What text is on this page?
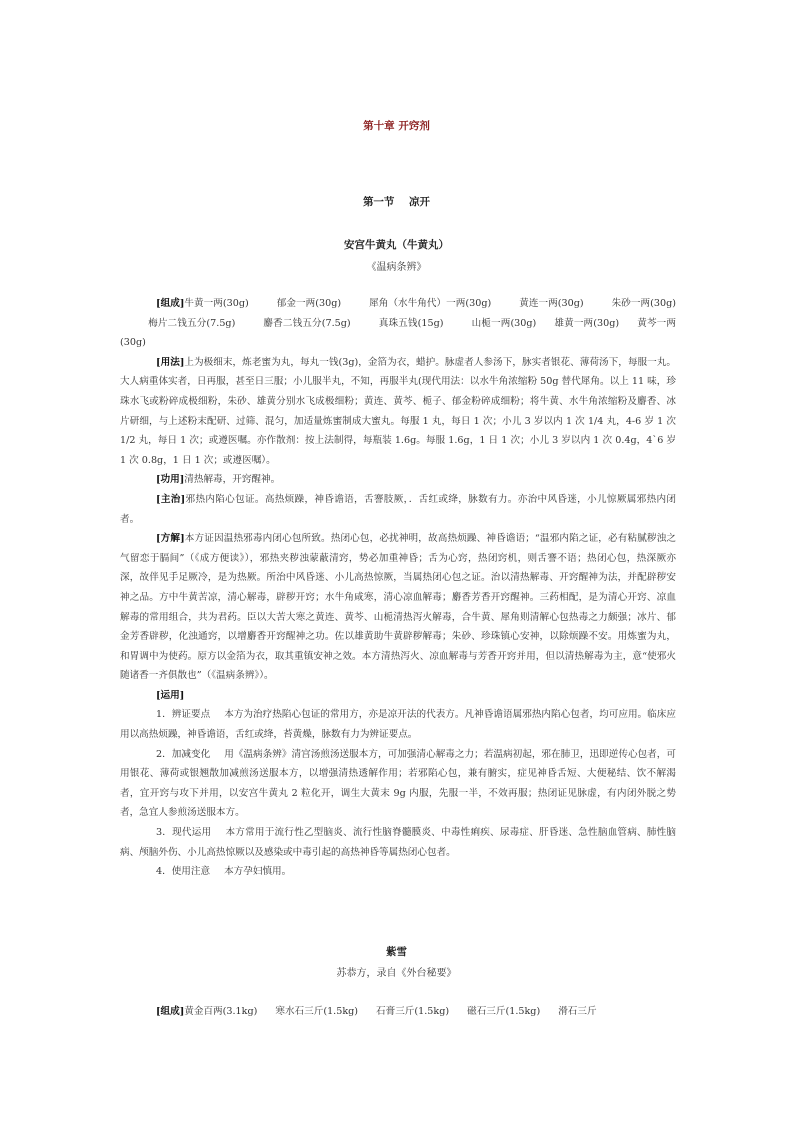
第十章 开窍剂
第一节    凉开
安宫牛黄丸（牛黄丸）
《温病条辨》

[组成]牛黄一两(30g)	郁金一两(30g)	犀角（水牛角代）一两(30g)	黄连一两(30g)	朱砂一两(30g)梅片二钱五分(7.5g)	麝香二钱五分(7.5g)	真珠五钱(15g)	山栀一两(30g) 雄黄一两(30g) 黄芩一两(30g)

[用法]上为极细末，炼老蜜为丸，每丸一钱(3g)，金箔为衣，蜡护。脉虚者人参汤下，脉实者银花、薄荷汤下，每服一丸。大人病重体实者，日再服，甚至日三服；小儿服半丸，不知，再服半丸(现代用法：以水牛角浓缩粉 50g 替代犀角。以上 11 味，珍珠水飞或粉碎成极细粉，朱砂、雄黄分别水飞成极细粉；黄连、黄芩、栀子、郁金粉碎成细粉；将牛黄、水牛角浓缩粉及麝香、冰片研细，与上述粉末配研、过筛、混匀，加适量炼蜜制成大蜜丸。每服 1 丸，每日 1 次；小儿 3 岁以内 1 次 1/4 丸，4-6 岁 1 次 1/2 丸，每日 1 次；或遵医嘱。亦作散剂：按上法制得，每瓶装 1.6g。每服 1.6g，1 日 1 次；小儿 3 岁以内 1 次 0.4g，4`6 岁 1 次 0.8g，1 日 1 次；或遵医嘱）。

[功用]清热解毒，开窍醒神。

[主治]邪热内陷心包证。高热烦躁，神昏谵语，舌謇肢厥，．舌红或绛，脉数有力。亦治中风昏迷，小儿惊厥属邪热内闭者。

[方解]本方证因温热邪毒内闭心包所致。热闭心包，必扰神明，故高热烦躁、神昏谵语；“温邪内陷之证，必有粘腻秽浊之气留恋于膈间”（《成方便读》），邪热夹秽浊蒙蔽清窍，势必加重神昏；舌为心窍，热闭窍机，则舌謇不语；热闭心包，热深厥亦深，故伴见手足厥冷，是为热厥。所治中风昏迷、小儿高热惊厥，当属热闭心包之证。治以清热解毒、开窍醒神为法，并配辟秽安神之品。方中牛黄苦凉，清心解毒，辟秽开窍；水牛角咸寒，清心凉血解毒；麝香芳香开窍醒神。三药相配，是为清心开窍、凉血解毒的常用组合，共为君药。臣以大苦大寒之黄连、黄芩、山栀清热泻火解毒，合牛黄、犀角则清解心包热毒之力颇强；冰片、郁金芳香辟秽，化浊通窍，以增麝香开窍醒神之功。佐以雄黄助牛黄辟秽解毒；朱砂、珍珠镇心安神，以除烦躁不安。用炼蜜为丸，和胃调中为使药。原方以金箔为衣，取其重镇安神之效。本方清热泻火、凉血解毒与芳香开窍并用，但以清热解毒为主，意“使邪火随诸香一齐俱散也”（《温病条辨》）。

[运用]

1．辨证要点 本方为治疗热陷心包证的常用方，亦是凉开法的代表方。凡神昏谵语属邪热内陷心包者，均可应用。临床应用以高热烦躁，神昏谵语，舌红或绛，苔黄燥，脉数有力为辨证要点。

2．加减变化 用《温病条辨》清宫汤煎汤送服本方，可加强清心解毒之力；若温病初起，邪在肺卫，迅即逆传心包者，可用银花、薄荷或银翘散加减煎汤送服本方，以增强清热透解作用；若邪陷心包，兼有腑实，症见神昏舌短、大便秘结、饮不解渴者，宜开窍与攻下并用，以安宫牛黄丸 2 粒化开，调生大黄末 9g 内服，先服一半，不效再服；热闭证见脉虚，有内闭外脱之势者，急宜人参煎汤送服本方。

3．现代运用 本方常用于流行性乙型脑炎、流行性脑脊髓膜炎、中毒性痢疾、尿毒症、肝昏迷、急性脑血管病、肺性脑病、颅脑外伤、小儿高热惊厥以及感染或中毒引起的高热神昏等属热闭心包者。

4．使用注意 本方孕妇慎用。

紫雪
苏恭方，录自《外台秘要》

[组成]黄金百两(3.1kg) 寒水石三斤(1.5kg) 石膏三斤(1.5kg) 磁石三斤(1.5kg) 滑石三斤
